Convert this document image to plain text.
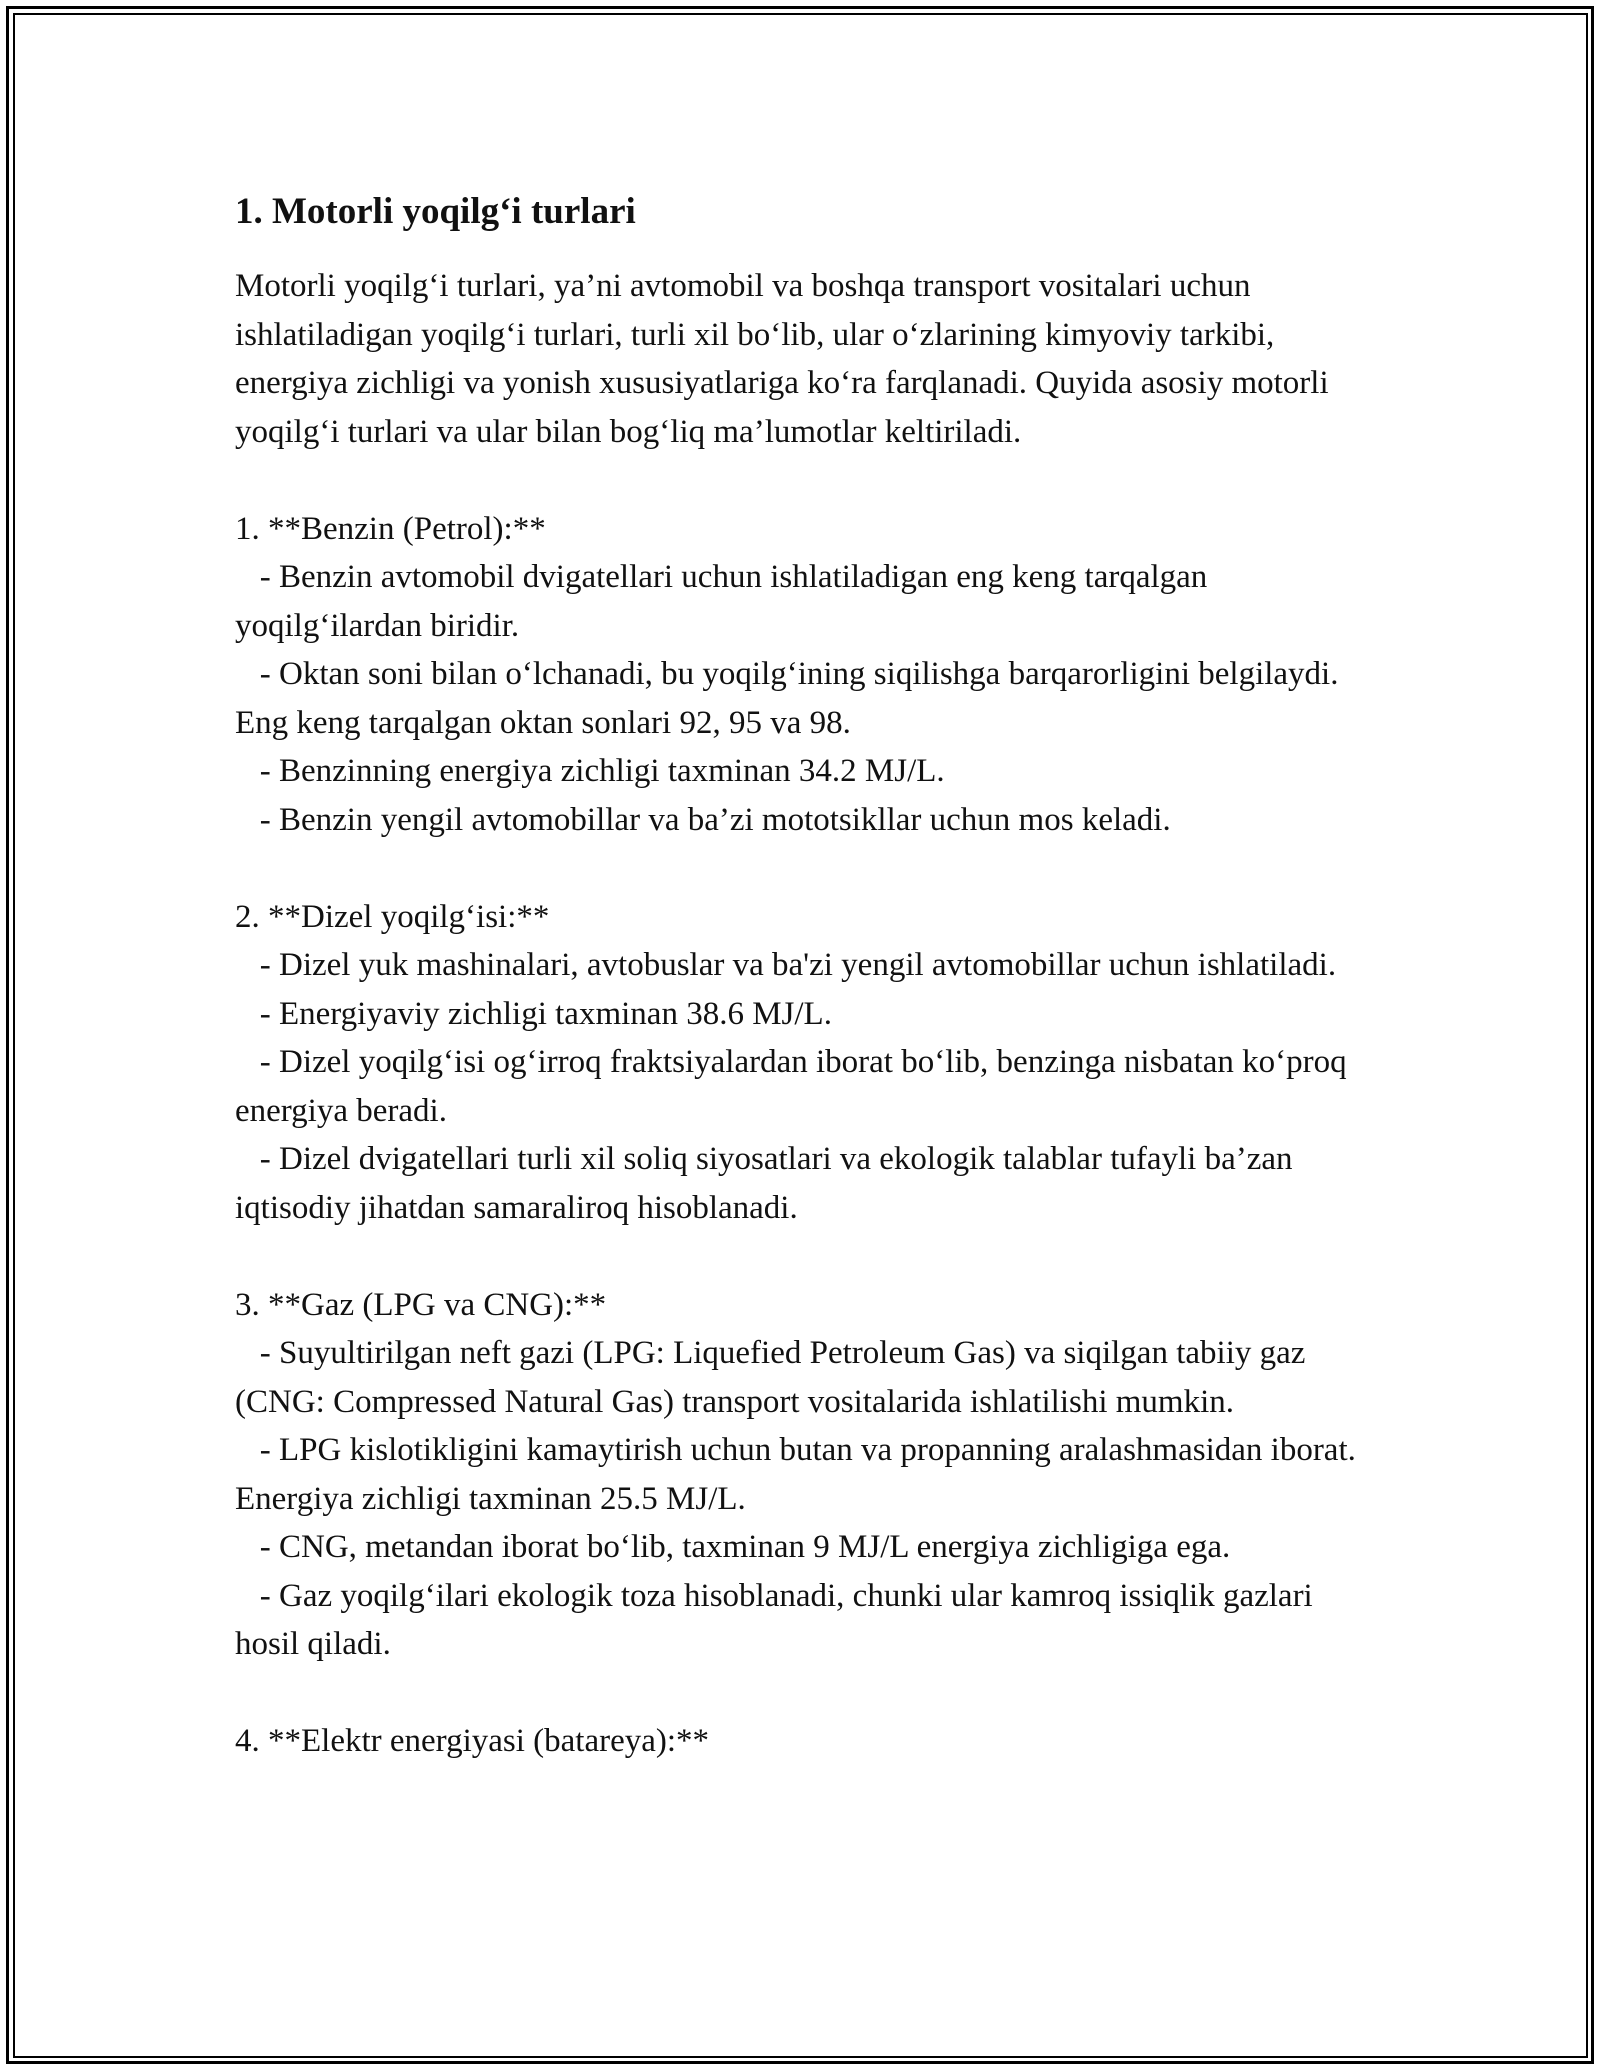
1. Motorli yoqilg‘i turlari

Motorli yoqilg‘i turlari, ya’ni avtomobil va boshqa transport vositalari uchun ishlatiladigan yoqilg‘i turlari, turli xil bo‘lib, ular o‘zlarining kimyoviy tarkibi, energiya zichligi va yonish xususiyatlariga ko‘ra farqlanadi. Quyida asosiy motorli yoqilg‘i turlari va ular bilan bog‘liq ma’lumotlar keltiriladi.

1. **Benzin (Petrol):**
- Benzin avtomobil dvigatellari uchun ishlatiladigan eng keng tarqalgan yoqilg‘ilardan biridir.
- Oktan soni bilan o‘lchanadi, bu yoqilg‘ining siqilishga barqarorligini belgilaydi. Eng keng tarqalgan oktan sonlari 92, 95 va 98.
- Benzinning energiya zichligi taxminan 34.2 MJ/L.
- Benzin yengil avtomobillar va ba’zi mototsikllar uchun mos keladi.

2. **Dizel yoqilg‘isi:**
- Dizel yuk mashinalari, avtobuslar va ba'zi yengil avtomobillar uchun ishlatiladi.
- Energiyaviy zichligi taxminan 38.6 MJ/L.
- Dizel yoqilg‘isi og‘irroq fraktsiyalardan iborat bo‘lib, benzinga nisbatan ko‘proq energiya beradi.
- Dizel dvigatellari turli xil soliq siyosatlari va ekologik talablar tufayli ba’zan iqtisodiy jihatdan samaraliroq hisoblanadi.

3. **Gaz (LPG va CNG):**
- Suyultirilgan neft gazi (LPG: Liquefied Petroleum Gas) va siqilgan tabiiy gaz (CNG: Compressed Natural Gas) transport vositalarida ishlatilishi mumkin.
- LPG kislotikligini kamaytirish uchun butan va propanning aralashmasidan iborat. Energiya zichligi taxminan 25.5 MJ/L.
- CNG, metandan iborat bo‘lib, taxminan 9 MJ/L energiya zichligiga ega.
- Gaz yoqilg‘ilari ekologik toza hisoblanadi, chunki ular kamroq issiqlik gazlari hosil qiladi.

4. **Elektr energiyasi (batareya):**
